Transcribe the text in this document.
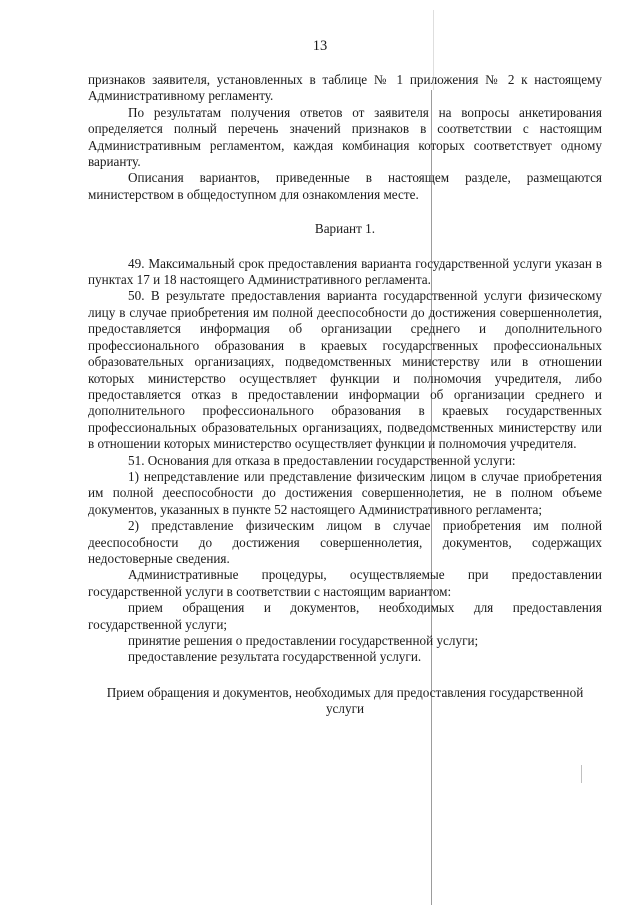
13

признаков заявителя, установленных в таблице № 1 приложения № 2 к настоящему Административному регламенту.

По результатам получения ответов от заявителя на вопросы анкетирования определяется полный перечень значений признаков в соответствии с настоящим Административным регламентом, каждая комбинация которых соответствует одному варианту.

Описания вариантов, приведенные в настоящем разделе, размещаются министерством в общедоступном для ознакомления месте.

Вариант 1.

49. Максимальный срок предоставления варианта государственной услуги указан в пунктах 17 и 18 настоящего Административного регламента.

50. В результате предоставления варианта государственной услуги физическому лицу в случае приобретения им полной дееспособности до достижения совершеннолетия, предоставляется информация об организации среднего и дополнительного профессионального образования в краевых государственных профессиональных образовательных организациях, подведомственных министерству или в отношении которых министерство осуществляет функции и полномочия учредителя, либо предоставляется отказ в предоставлении информации об организации среднего и дополнительного профессионального образования в краевых государственных профессиональных образовательных организациях, подведомственных министерству или в отношении которых министерство осуществляет функции и полномочия учредителя.

51. Основания для отказа в предоставлении государственной услуги:

1) непредставление или представление физическим лицом в случае приобретения им полной дееспособности до достижения совершеннолетия, не в полном объеме документов, указанных в пункте 52 настоящего Административного регламента;

2) представление физическим лицом в случае приобретения им полной дееспособности до достижения совершеннолетия, документов, содержащих недостоверные сведения.

Административные процедуры, осуществляемые при предоставлении государственной услуги в соответствии с настоящим вариантом:

прием обращения и документов, необходимых для предоставления государственной услуги;

принятие решения о предоставлении государственной услуги;

предоставление результата государственной услуги.

Прием обращения и документов, необходимых для предоставления государственной услуги
